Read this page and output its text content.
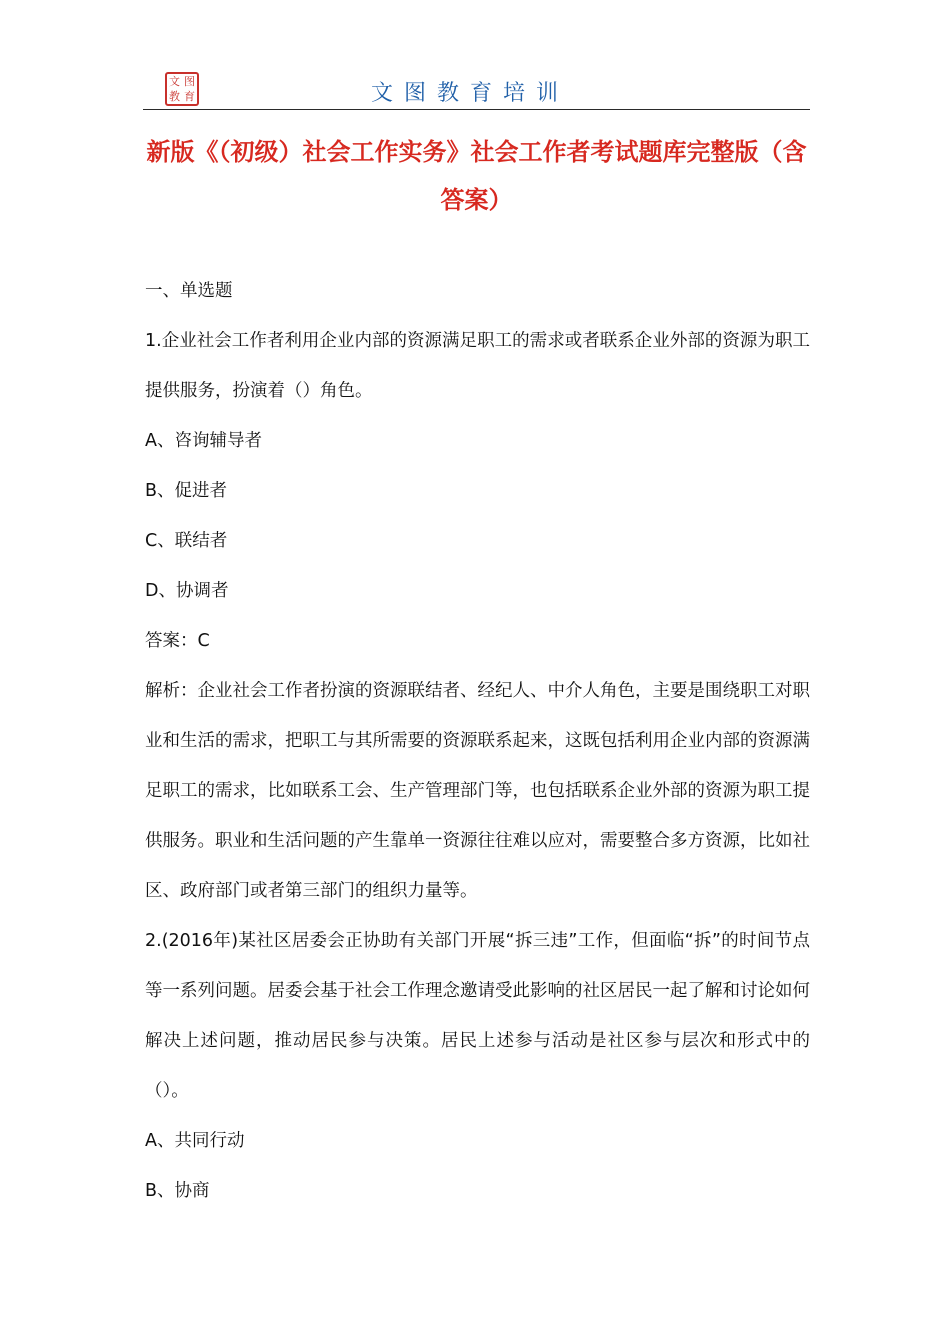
文 图
教 育	文图教育培训
新版《（初级）社会工作实务》社会工作者考试题库完整版（含答案）

一、单选题

1.企业社会工作者利用企业内部的资源满足职工的需求或者联系企业外部的资源为职工提供服务，扮演着（）角色。

A、咨询辅导者

B、促进者

C、联结者

D、协调者

答案：C

解析：企业社会工作者扮演的资源联结者、经纪人、中介人角色，主要是围绕职工对职业和生活的需求，把职工与其所需要的资源联系起来，这既包括利用企业内部的资源满足职工的需求，比如联系工会、生产管理部门等，也包括联系企业外部的资源为职工提供服务。职业和生活问题的产生靠单一资源往往难以应对，需要整合多方资源，比如社区、政府部门或者第三部门的组织力量等。

2.(2016年)某社区居委会正协助有关部门开展“拆三违”工作，但面临“拆”的时间节点等一系列问题。居委会基于社会工作理念邀请受此影响的社区居民一起了解和讨论如何解决上述问题，推动居民参与决策。居民上述参与活动是社区参与层次和形式中的（）。

A、共同行动

B、协商
